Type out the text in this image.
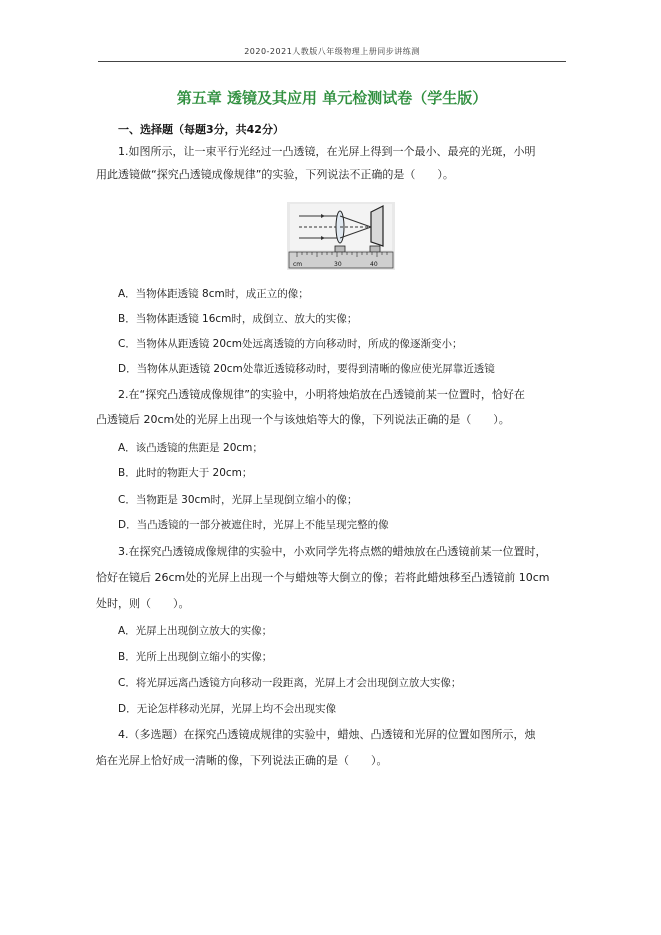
2020-2021人教版八年级物理上册同步讲练测
第五章 透镜及其应用 单元检测试卷（学生版）
一、选择题（每题3分，共42分）
1.如图所示，让一束平行光经过一凸透镜，在光屏上得到一个最小、最亮的光斑，小明
用此透镜做“探究凸透镜成像规律”的实验，下列说法不正确的是（　　）。
cm	30	40
A．当物体距透镜 8cm时，成正立的像；
B．当物体距透镜 16cm时，成倒立、放大的实像；
C．当物体从距透镜 20cm处远离透镜的方向移动时，所成的像逐渐变小；
D．当物体从距透镜 20cm处靠近透镜移动时，要得到清晰的像应使光屏靠近透镜
2.在“探究凸透镜成像规律”的实验中，小明将烛焰放在凸透镜前某一位置时，恰好在
凸透镜后 20cm处的光屏上出现一个与该烛焰等大的像，下列说法正确的是（　　）。
A．该凸透镜的焦距是 20cm；
B．此时的物距大于 20cm；
C．当物距是 30cm时，光屏上呈现倒立缩小的像；
D．当凸透镜的一部分被遮住时，光屏上不能呈现完整的像
3.在探究凸透镜成像规律的实验中，小欢同学先将点燃的蜡烛放在凸透镜前某一位置时，
恰好在镜后 26cm处的光屏上出现一个与蜡烛等大倒立的像；若将此蜡烛移至凸透镜前 10cm
处时，则（　　）。
A．光屏上出现倒立放大的实像；
B．光所上出现倒立缩小的实像；
C．将光屏远离凸透镜方向移动一段距离，光屏上才会出现倒立放大实像；
D．无论怎样移动光屏，光屏上均不会出现实像
4.（多选题）在探究凸透镜成规律的实验中，蜡烛、凸透镜和光屏的位置如图所示，烛
焰在光屏上恰好成一清晰的像，下列说法正确的是（　　）。
